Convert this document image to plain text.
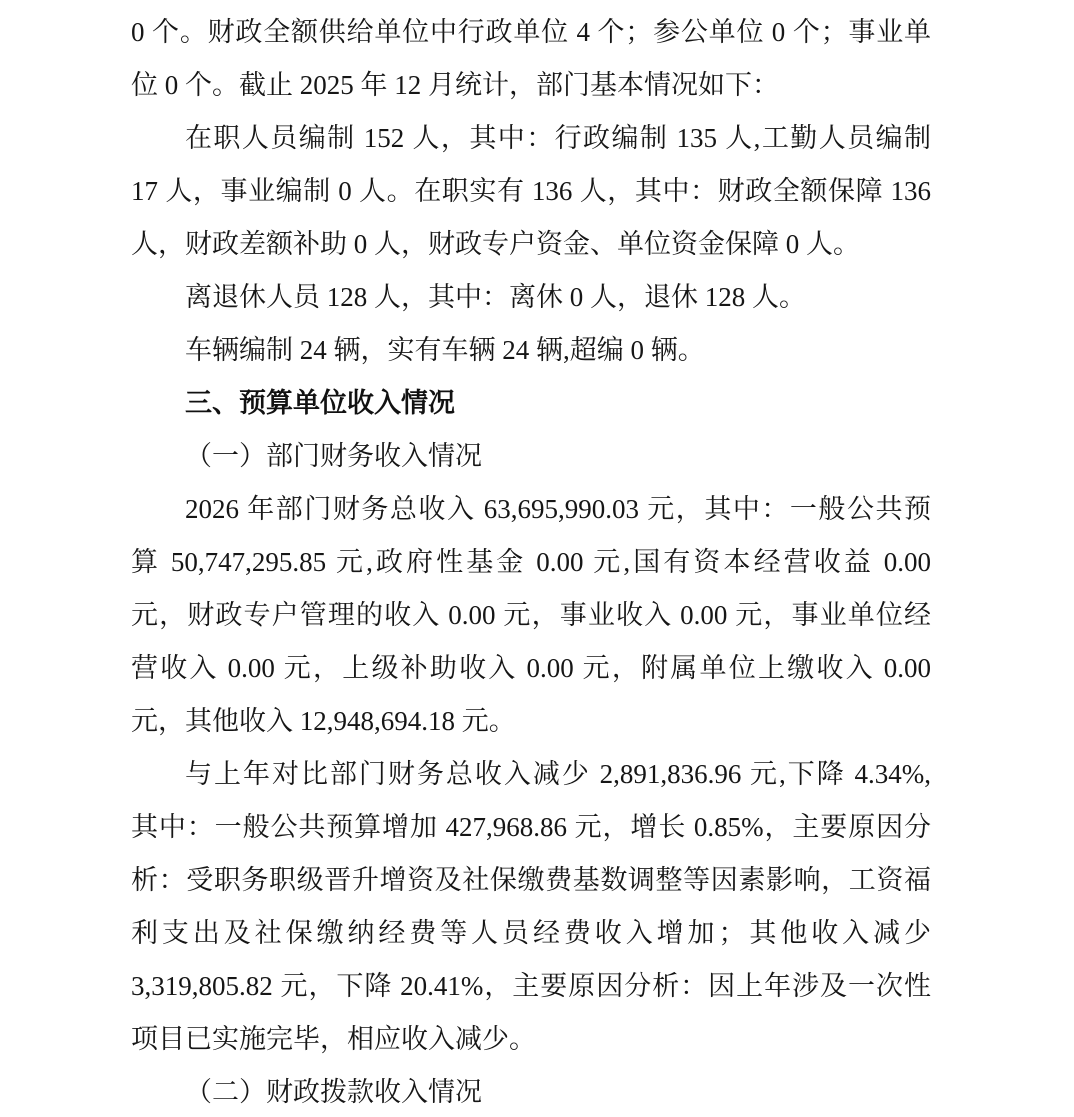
0 个。财政全额供给单位中行政单位 4 个；参公单位 0 个；事业单
位 0 个。截止 2025 年 12 月统计，部门基本情况如下：
在职人员编制 152 人，其中：行政编制 135 人,工勤人员编制
17 人，事业编制 0 人。在职实有 136 人，其中：财政全额保障 136
人，财政差额补助 0 人，财政专户资金、单位资金保障 0 人。
离退休人员 128 人，其中：离休 0 人，退休 128 人。
车辆编制 24 辆，实有车辆 24 辆,超编 0 辆。
三、预算单位收入情况
（一）部门财务收入情况
2026 年部门财务总收入 63,695,990.03 元，其中：一般公共预
算 50,747,295.85 元,政府性基金 0.00 元,国有资本经营收益 0.00
元，财政专户管理的收入 0.00 元，事业收入 0.00 元，事业单位经
营收入 0.00 元，上级补助收入 0.00 元，附属单位上缴收入 0.00
元，其他收入 12,948,694.18 元。
与上年对比部门财务总收入减少 2,891,836.96 元,下降 4.34%,
其中：一般公共预算增加 427,968.86 元，增长 0.85%，主要原因分
析：受职务职级晋升增资及社保缴费基数调整等因素影响，工资福
利支出及社保缴纳经费等人员经费收入增加；其他收入减少
3,319,805.82 元，下降 20.41%，主要原因分析：因上年涉及一次性
项目已实施完毕，相应收入减少。
（二）财政拨款收入情况
